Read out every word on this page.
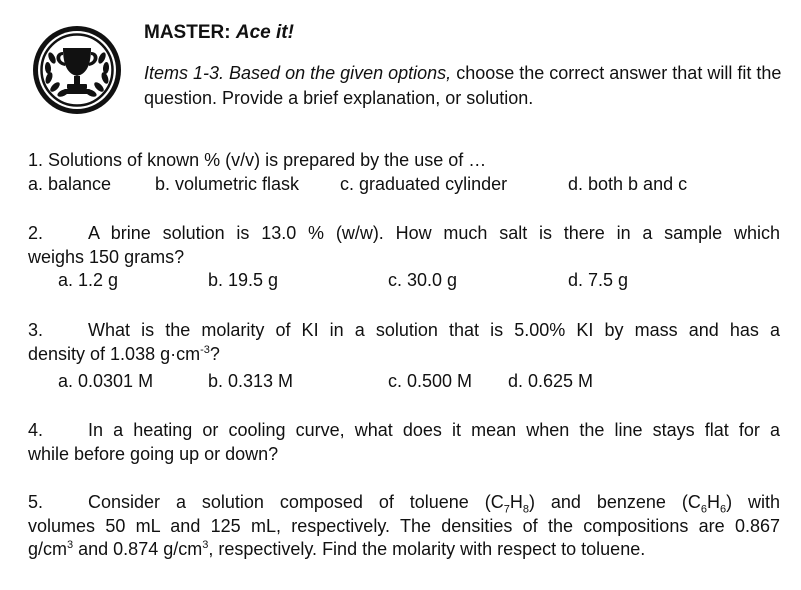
MASTER: Ace it!
Items 1-3. Based on the given options, choose the correct answer that will fit the question. Provide a brief explanation, or solution.
1. Solutions of known % (v/v) is prepared by the use of …
a. balance b. volumetric flask c. graduated cylinder	d. both b and c
2. A brine solution is 13.0 % (w/w). How much salt is there in a sample which
weighs 150 grams?
a. 1.2 g	b. 19.5 g	c. 30.0 g	d. 7.5 g
3. What is the molarity of KI in a solution that is 5.00% KI by mass and has a
density of 1.038 $g\cdot cm^{-3}$?
a. 0.0301 M	b. 0.313 M	c. 0.500 M d. 0.625 M
4. In a heating or cooling curve, what does it mean when the line stays flat for a
while before going up or down?
5. Consider a solution composed of toluene $(C_7H_8)$ and benzene $(C_6H_6)$ with
volumes 50 mL and 125 mL, respectively. The densities of the compositions are 0.867
$g/cm^3$ and 0.874 $g/cm^3$, respectively. Find the molarity with respect to toluene.
